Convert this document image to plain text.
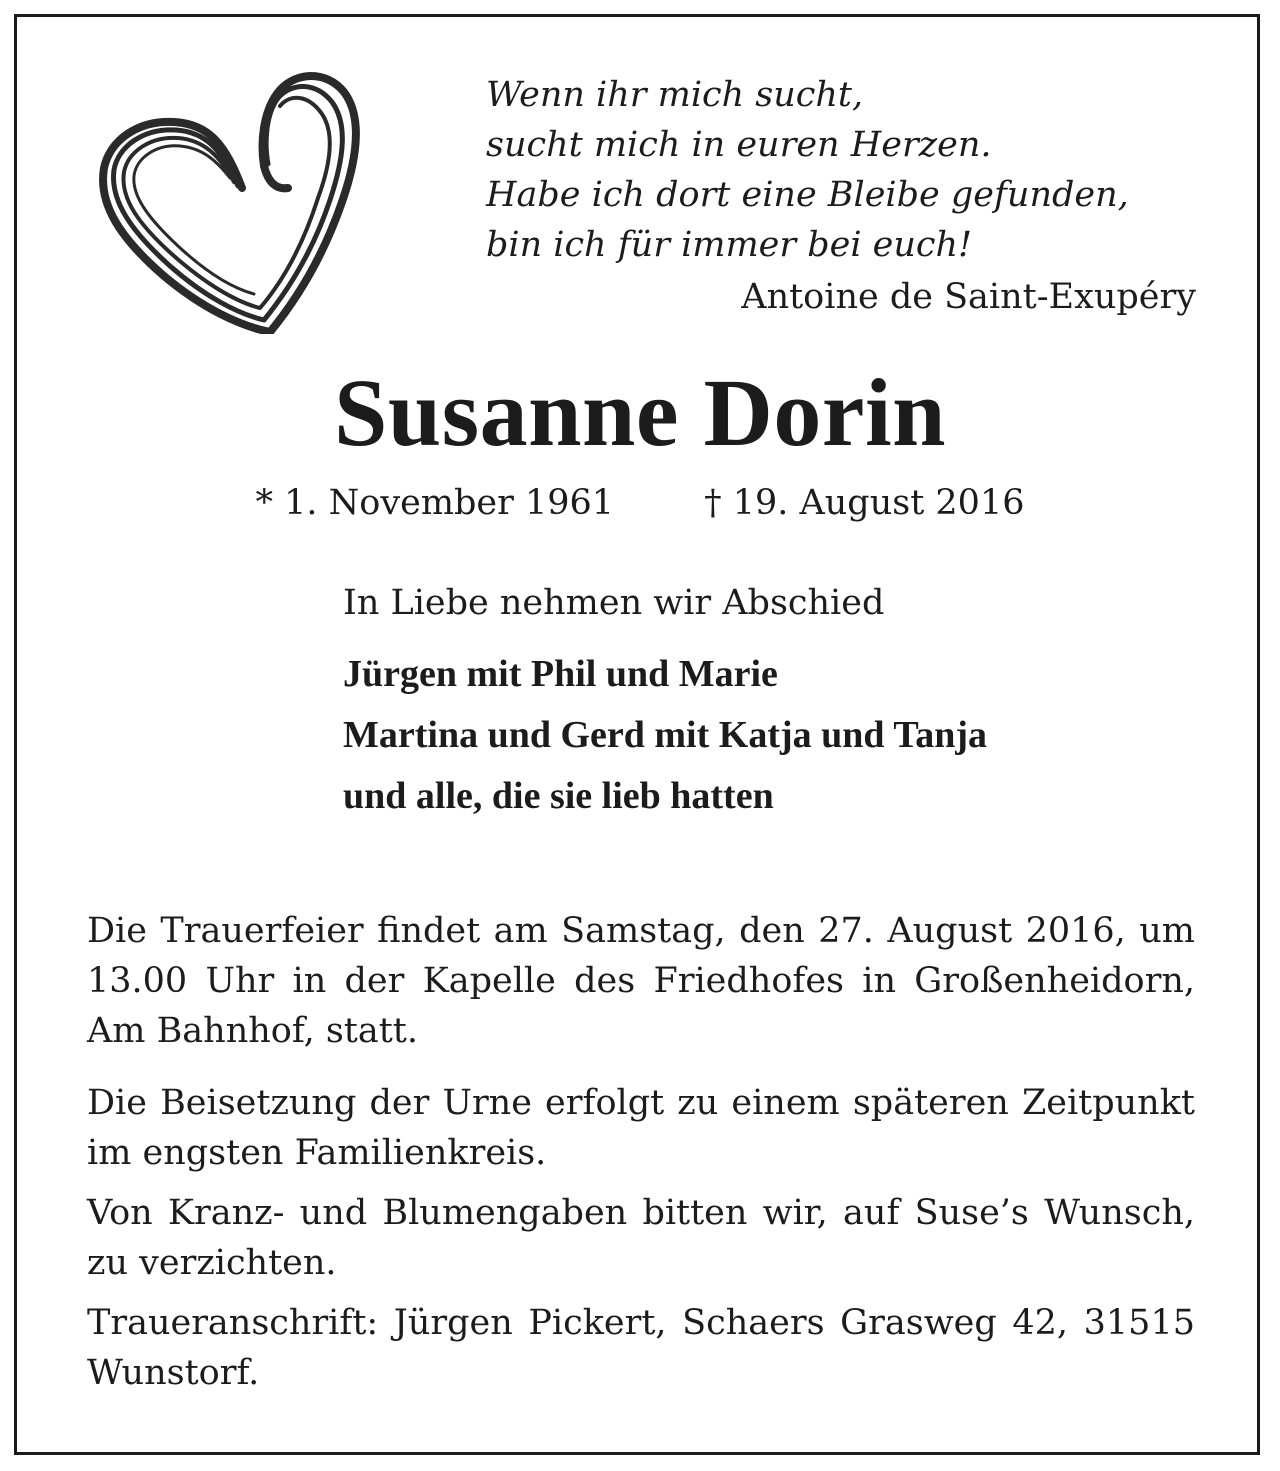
Wenn ihr mich sucht,
sucht mich in euren Herzen.
Habe ich dort eine Bleibe gefunden,
bin ich für immer bei euch!
Antoine de Saint-Exupéry
Susanne Dorin
* 1. November 1961	† 19. August 2016
In Liebe nehmen wir Abschied
Jürgen mit Phil und Marie
Martina und Gerd mit Katja und Tanja
und alle, die sie lieb hatten
Die Trauerfeier findet am Samstag, den 27. August 2016, um 13.00 Uhr in der Kapelle des Friedhofes in Großenheidorn, Am Bahnhof, statt.
Die Beisetzung der Urne erfolgt zu einem späteren Zeitpunkt im engsten Familienkreis.
Von Kranz- und Blumengaben bitten wir, auf Suse’s Wunsch, zu verzichten.
Traueranschrift: Jürgen Pickert, Schaers Grasweg 42, 31515 Wunstorf.
